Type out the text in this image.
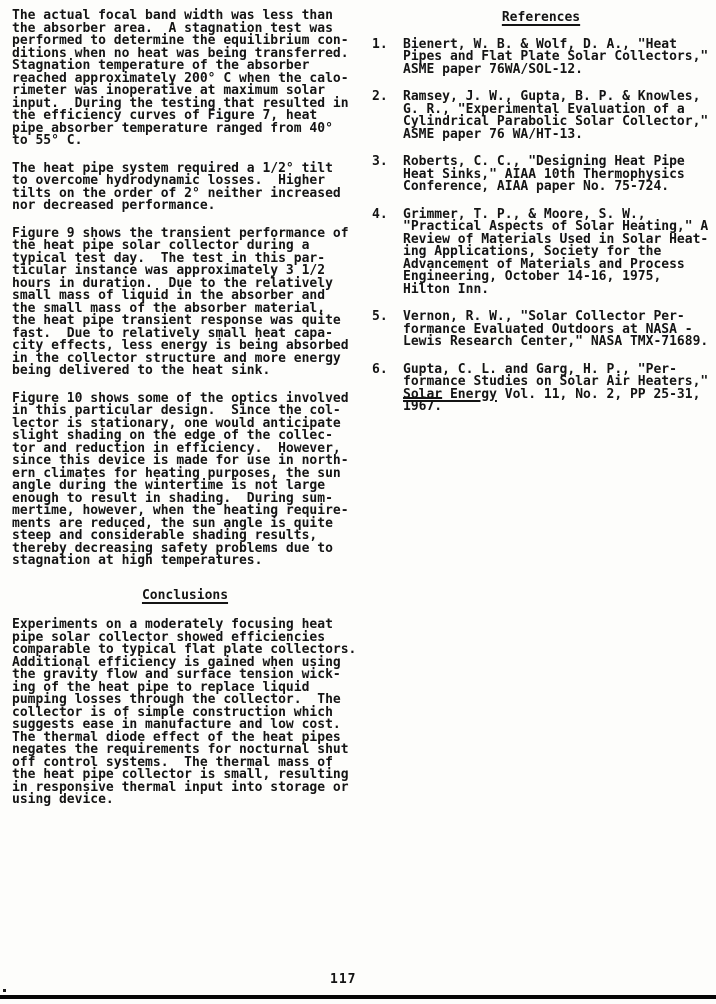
The actual focal band width was less than
the absorber area.  A stagnation test was
performed to determine the equilibrium con-
ditions when no heat was being transferred.
Stagnation temperature of the absorber
reached approximately 200° C when the calo-
rimeter was inoperative at maximum solar
input.  During the testing that resulted in
the efficiency curves of Figure 7, heat
pipe absorber temperature ranged from 40°
to 55° C.

The heat pipe system required a 1/2° tilt
to overcome hydrodynamic losses.  Higher
tilts on the order of 2° neither increased
nor decreased performance.

Figure 9 shows the transient performance of
the heat pipe solar collector during a
typical test day.  The test in this par-
ticular instance was approximately 3 1/2
hours in duration.  Due to the relatively
small mass of liquid in the absorber and
the small mass of the absorber material,
the heat pipe transient response was quite
fast.  Due to relatively small heat capa-
city effects, less energy is being absorbed
in the collector structure and more energy
being delivered to the heat sink.

Figure 10 shows some of the optics involved
in this particular design.  Since the col-
lector is stationary, one would anticipate
slight shading on the edge of the collec-
tor and reduction in efficiency.  However,
since this device is made for use in north-
ern climates for heating purposes, the sun
angle during the wintertime is not large
enough to result in shading.  During sum-
mertime, however, when the heating require-
ments are reduced, the sun angle is quite
steep and considerable shading results,
thereby decreasing safety problems due to
stagnation at high temperatures.

Conclusions

Experiments on a moderately focusing heat
pipe solar collector showed efficiencies
comparable to typical flat plate collectors.
Additional efficiency is gained when using
the gravity flow and surface tension wick-
ing of the heat pipe to replace liquid
pumping losses through the collector.  The
collector is of simple construction which
suggests ease in manufacture and low cost.
The thermal diode effect of the heat pipes
negates the requirements for nocturnal shut
off control systems.  The thermal mass of
the heat pipe collector is small, resulting
in responsive thermal input into storage or
using device.

References
1.	Bienert, W. B. & Wolf, D. A., "Heat
Pipes and Flat Plate Solar Collectors,"
ASME paper 76WA/SOL-12.
2.	Ramsey, J. W., Gupta, B. P. & Knowles,
G. R., "Experimental Evaluation of a
Cylindrical Parabolic Solar Collector,"
ASME paper 76 WA/HT-13.
3.	Roberts, C. C., "Designing Heat Pipe
Heat Sinks," AIAA 10th Thermophysics
Conference, AIAA paper No. 75-724.
4.	Grimmer, T. P., & Moore, S. W.,
"Practical Aspects of Solar Heating," A
Review of Materials Used in Solar Heat-
ing Applications, Society for the
Advancement of Materials and Process
Engineering, October 14-16, 1975,
Hilton Inn.
5.	Vernon, R. W., "Solar Collector Per-
formance Evaluated Outdoors at NASA -
Lewis Research Center," NASA TMX-71689.
6.	Gupta, C. L. and Garg, H. P., "Per-
formance Studies on Solar Air Heaters,"
Solar Energy Vol. 11, No. 2, PP 25-31,
1967.
117
